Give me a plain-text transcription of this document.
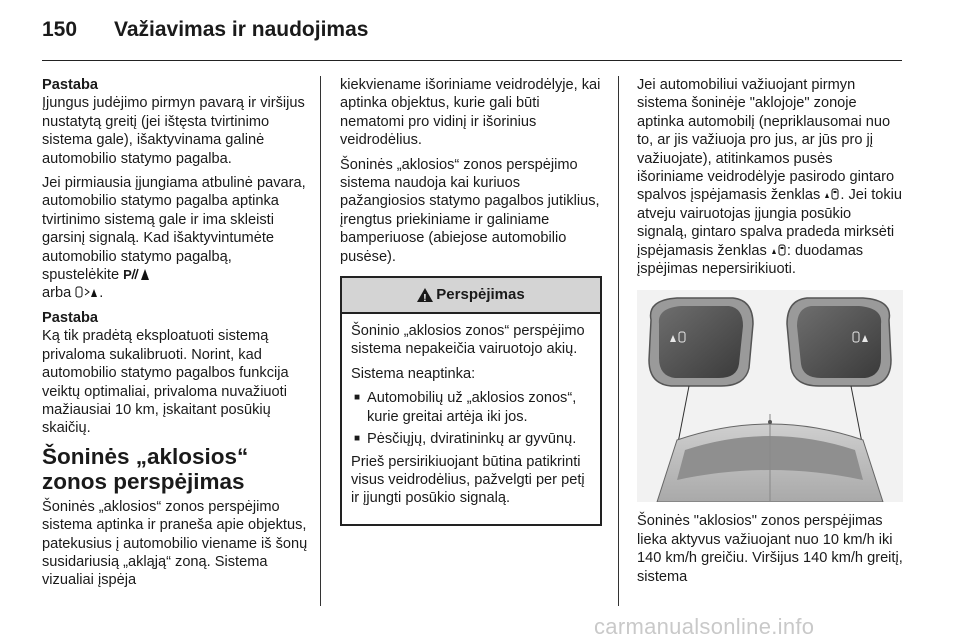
150	Važiavimas ir naudojimas
Pastaba

Įjungus judėjimo pirmyn pavarą ir viršijus nustatytą greitį (jei ištęsta tvirtinimo sistema gale), išaktyvinama galinė automobilio statymo pagalba.

Jei pirmiausia įjungiama atbulinė pavara, automobilio statymo pagalba aptinka tvirtinimo sistemą gale ir ima skleisti garsinį signalą. Kad išaktyvintumėte automobilio statymo pagalbą, spustelėkite P
arba .

Pastaba

Ką tik pradėtą eksploatuoti sistemą privaloma sukalibruoti. Norint, kad automobilio statymo pagalbos funkcija veiktų optimaliai, privaloma nuvažiuoti mažiausiai 10 km, įskaitant posūkių skaičių.

Šoninės „aklosios“ zonos perspėjimas

Šoninės „aklosios“ zonos perspėjimo sistema aptinka ir praneša apie objektus, patekusius į automobilio viename iš šonų susidariusią „akląją“ zoną. Sistema vizualiai įspėja

kiekviename išoriniame veidrodėlyje, kai aptinka objektus, kurie gali būti nematomi pro vidinį ir išorinius veidrodėlius.

Šoninės „aklosios“ zonos perspėjimo sistema naudoja kai kuriuos pažangiosios statymo pagalbos jutiklius, įrengtus priekiniame ir galiniame bamperiuose (abiejose automobilio pusėse).

!
Perspėjimas

Šoninio „aklosios zonos“ perspėjimo sistema nepakeičia vairuotojo akių.

Sistema neaptinka:

■ Automobilių už „aklosios zonos“, kurie greitai artėja iki jos.
■ Pėsčiųjų, dviratininkų ar gyvūnų.

Prieš persirikiuojant būtina patikrinti visus veidrodėlius, pažvelgti per petį ir įjungti posūkio signalą.

Jei automobiliui važiuojant pirmyn sistema šoninėje "aklojoje" zonoje aptinka automobilį (nepriklausomai nuo to, ar jis važiuoja pro jus, ar jūs pro jį važiuojate), atitinkamos pusės išoriniame veidrodėlyje pasirodo gintaro spalvos įspėjamasis ženklas . Jei tokiu atveju vairuotojas įjungia posūkio signalą, gintaro spalva pradeda mirksėti įspėjamasis ženklas : duodamas įspėjimas nepersirikiuoti.

Šoninės "aklosios" zonos perspėjimas lieka aktyvus važiuojant nuo 10 km/h iki 140 km/h greičiu. Viršijus 140 km/h greitį, sistema

carmanualsonline.info
